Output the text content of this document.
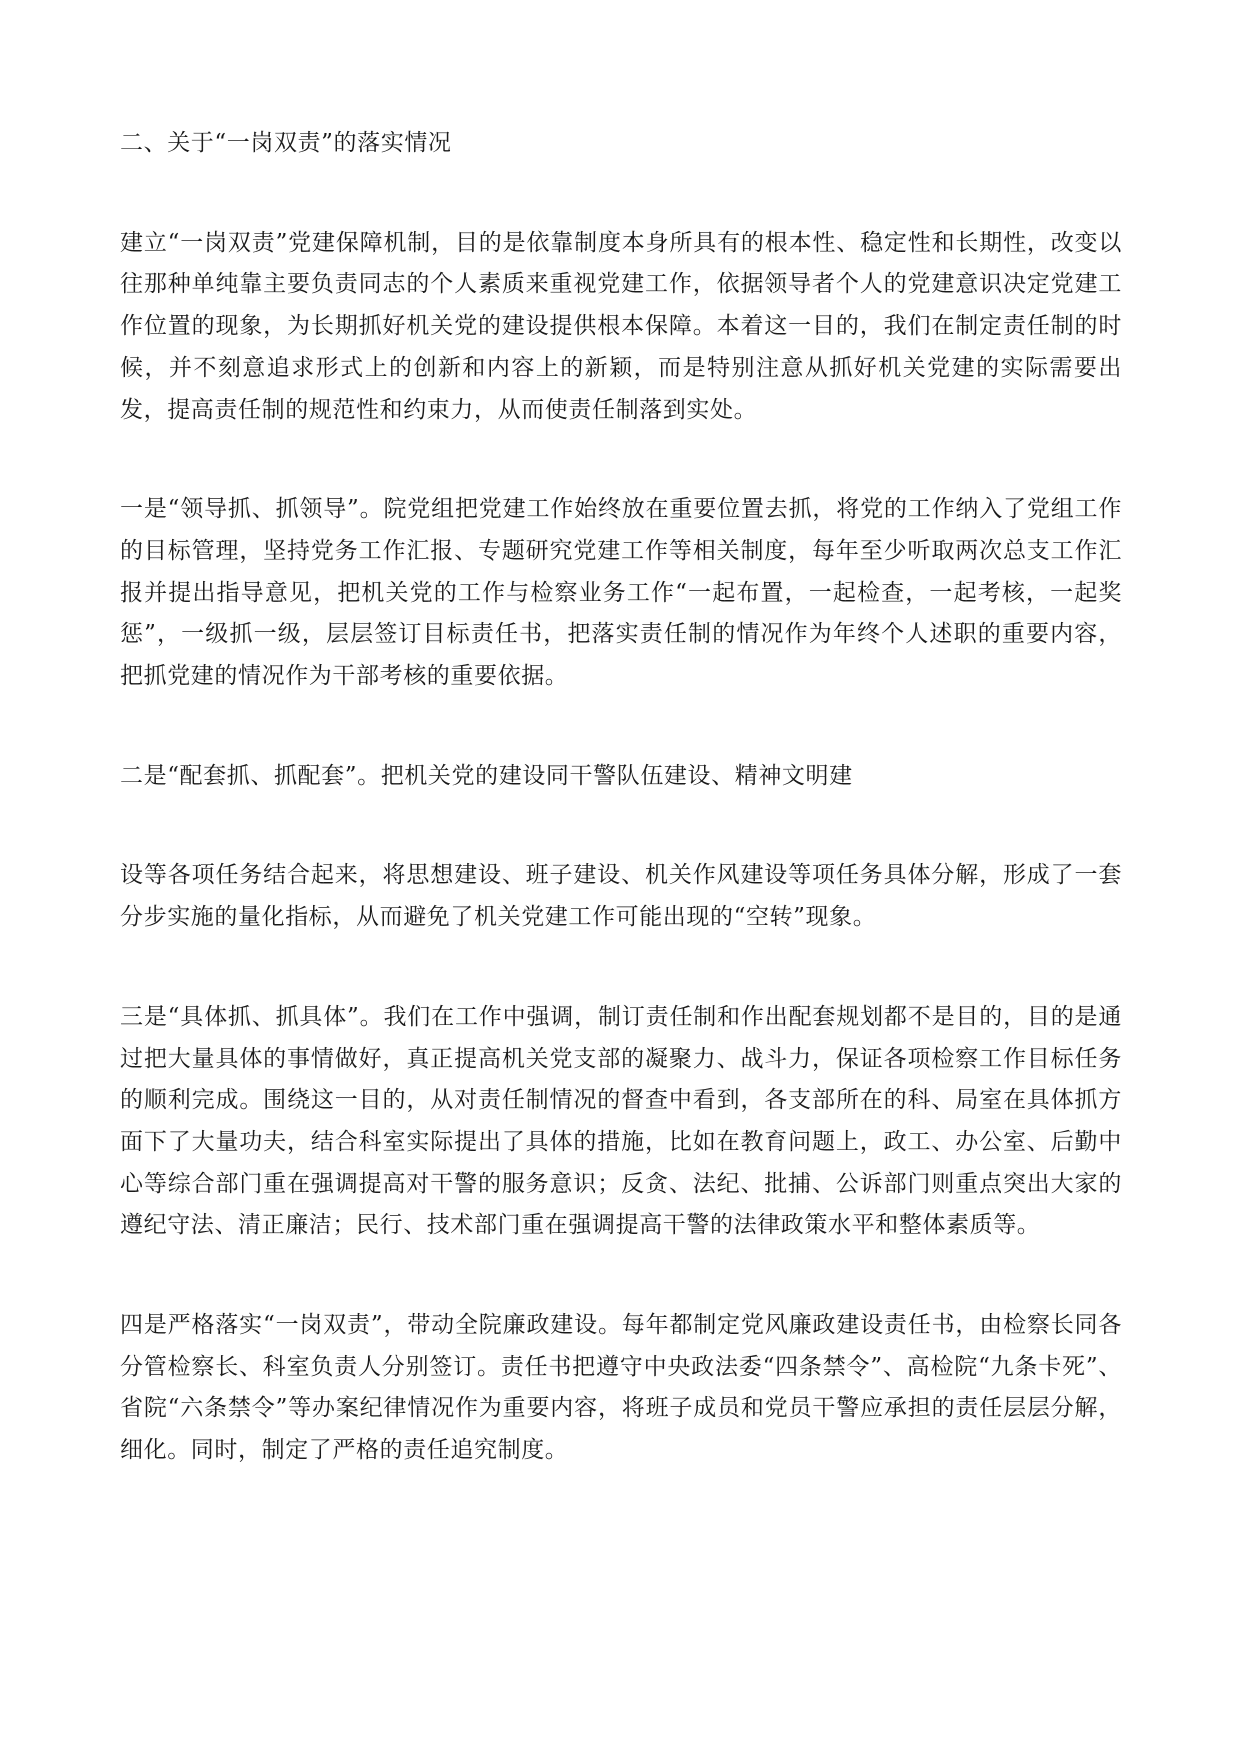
二、关于“一岗双责”的落实情况

建立“一岗双责”党建保障机制，目的是依靠制度本身所具有的根本性、稳定性和长期性，改变以往那种单纯靠主要负责同志的个人素质来重视党建工作，依据领导者个人的党建意识决定党建工作位置的现象，为长期抓好机关党的建设提供根本保障。本着这一目的，我们在制定责任制的时候，并不刻意追求形式上的创新和内容上的新颖，而是特别注意从抓好机关党建的实际需要出发，提高责任制的规范性和约束力，从而使责任制落到实处。

一是“领导抓、抓领导”。院党组把党建工作始终放在重要位置去抓，将党的工作纳入了党组工作的目标管理，坚持党务工作汇报、专题研究党建工作等相关制度，每年至少听取两次总支工作汇报并提出指导意见，把机关党的工作与检察业务工作“一起布置，一起检查，一起考核，一起奖惩”，一级抓一级，层层签订目标责任书，把落实责任制的情况作为年终个人述职的重要内容，把抓党建的情况作为干部考核的重要依据。

二是“配套抓、抓配套”。把机关党的建设同干警队伍建设、精神文明建

设等各项任务结合起来，将思想建设、班子建设、机关作风建设等项任务具体分解，形成了一套分步实施的量化指标，从而避免了机关党建工作可能出现的“空转”现象。

三是“具体抓、抓具体”。我们在工作中强调，制订责任制和作出配套规划都不是目的，目的是通过把大量具体的事情做好，真正提高机关党支部的凝聚力、战斗力，保证各项检察工作目标任务的顺利完成。围绕这一目的，从对责任制情况的督查中看到，各支部所在的科、局室在具体抓方面下了大量功夫，结合科室实际提出了具体的措施，比如在教育问题上，政工、办公室、后勤中心等综合部门重在强调提高对干警的服务意识；反贪、法纪、批捕、公诉部门则重点突出大家的遵纪守法、清正廉洁；民行、技术部门重在强调提高干警的法律政策水平和整体素质等。

四是严格落实“一岗双责”，带动全院廉政建设。每年都制定党风廉政建设责任书，由检察长同各分管检察长、科室负责人分别签订。责任书把遵守中央政法委“四条禁令”、高检院“九条卡死”、省院“六条禁令”等办案纪律情况作为重要内容，将班子成员和党员干警应承担的责任层层分解，细化。同时，制定了严格的责任追究制度。
